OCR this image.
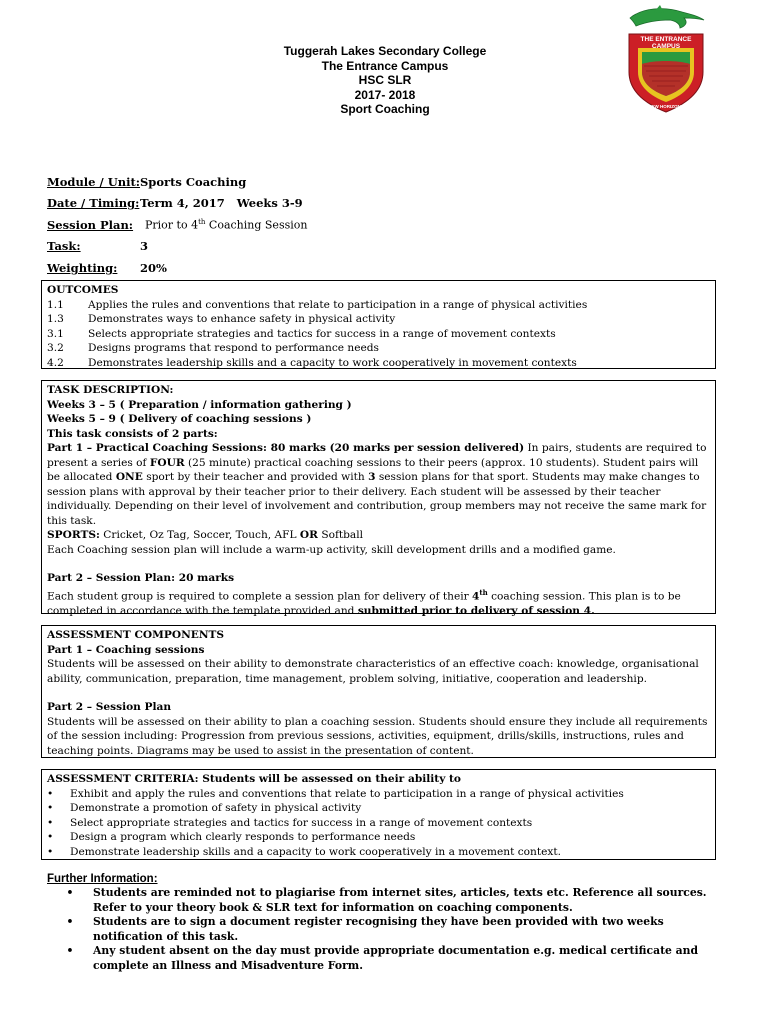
Tuggerah Lakes Secondary College
The Entrance Campus
HSC SLR
2017- 2018
Sport Coaching
THE ENTRANCE
CAMPUS
NEW HORIZONS
Module / Unit: Sports Coaching
Date / Timing: Term 4, 2017   Weeks 3-9
Session Plan: Prior to 4th Coaching Session
Task:	3
Weighting: 20%
OUTCOMES
1.1	Applies the rules and conventions that relate to participation in a range of physical activities
1.3	Demonstrates ways to enhance safety in physical activity
3.1	Selects appropriate strategies and tactics for success in a range of movement contexts
3.2	Designs programs that respond to performance needs
4.2	Demonstrates leadership skills and a capacity to work cooperatively in movement contexts
TASK DESCRIPTION:
Weeks 3 – 5 ( Preparation / information gathering )
Weeks 5 – 9 ( Delivery of coaching sessions )
This task consists of 2 parts:
Part 1 – Practical Coaching Sessions: 80 marks (20 marks per session delivered) In pairs, students are required to present a series of FOUR (25 minute) practical coaching sessions to their peers (approx. 10 students). Student pairs will be allocated ONE sport by their teacher and provided with 3 session plans for that sport. Students may make changes to session plans with approval by their teacher prior to their delivery. Each student will be assessed by their teacher individually. Depending on their level of involvement and contribution, group members may not receive the same mark for this task.
SPORTS: Cricket, Oz Tag, Soccer, Touch, AFL OR Softball
Each Coaching session plan will include a warm-up activity, skill development drills and a modified game.
Part 2 – Session Plan: 20 marks
Each student group is required to complete a session plan for delivery of their 4th coaching session. This plan is to be completed in accordance with the template provided and submitted prior to delivery of session 4.
ASSESSMENT COMPONENTS
Part 1 – Coaching sessions
Students will be assessed on their ability to demonstrate characteristics of an effective coach: knowledge, organisational ability, communication, preparation, time management, problem solving, initiative, cooperation and leadership.
Part 2 – Session Plan
Students will be assessed on their ability to plan a coaching session. Students should ensure they include all requirements of the session including: Progression from previous sessions, activities, equipment, drills/skills, instructions, rules and teaching points. Diagrams may be used to assist in the presentation of content.
ASSESSMENT CRITERIA: Students will be assessed on their ability to
•	Exhibit and apply the rules and conventions that relate to participation in a range of physical activities
•	Demonstrate a promotion of safety in physical activity
•	Select appropriate strategies and tactics for success in a range of movement contexts
•	Design a program which clearly responds to performance needs
•	Demonstrate leadership skills and a capacity to work cooperatively in a movement context.
Further Information:
•	Students are reminded not to plagiarise from internet sites, articles, texts etc. Reference all sources. Refer to your theory book & SLR text for information on coaching components.
•	Students are to sign a document register recognising they have been provided with two weeks notification of this task.
•	Any student absent on the day must provide appropriate documentation e.g. medical certificate and complete an Illness and Misadventure Form.
